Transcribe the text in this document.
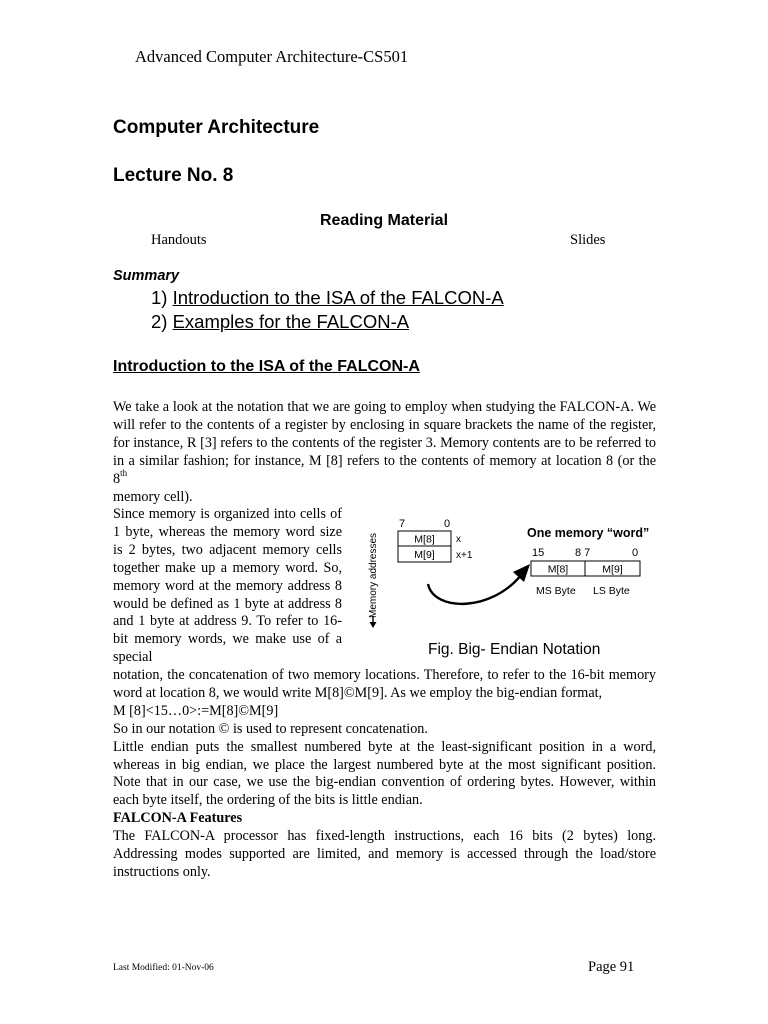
Advanced Computer Architecture-CS501
Computer Architecture
Lecture No. 8
Reading Material
Handouts	Slides
Summary
1) Introduction to the ISA of the FALCON-A
2) Examples for the FALCON-A
Introduction to the ISA of the FALCON-A
We take a look at the notation that we are going to employ when studying the FALCON-A. We will refer to the contents of a register by enclosing in square brackets the name of the register, for instance, R [3] refers to the contents of the register 3. Memory contents are to be referred to in a similar fashion; for instance, M [8] refers to the contents of memory at location 8 (or the 8th
memory cell).
Since memory is organized into cells of 1 byte, whereas the memory word size is 2 bytes, two adjacent memory cells together make up a memory word. So, memory word at the memory address 8 would be defined as 1 byte at address 8 and 1 byte at address 9. To refer to 16-bit memory words, we make use of a special
notation, the concatenation of two memory locations. Therefore, to refer to the 16-bit memory word at location 8, we would write M[8]©M[9]. As we employ the big-endian format,
M [8]<15…0>:=M[8]©M[9]
So in our notation © is used to represent concatenation.
Little endian puts the smallest numbered byte at the least-significant position in a word, whereas in big endian, we place the largest numbered byte at the most significant position. Note that in our case, we use the big-endian convention of ordering bytes. However, within each byte itself, the ordering of the bits is little endian.
FALCON-A Features
The FALCON-A processor has fixed-length instructions, each 16 bits (2 bytes) long. Addressing modes supported are limited, and memory is accessed through the load/store instructions only.
Memory addresses
7	0
M[8]
M[9]
x
x+1
One memory “word”
15	8 7	0
M[8]	M[9]
MS Byte LS Byte
Fig. Big- Endian Notation
Last Modified: 01-Nov-06	Page 91
